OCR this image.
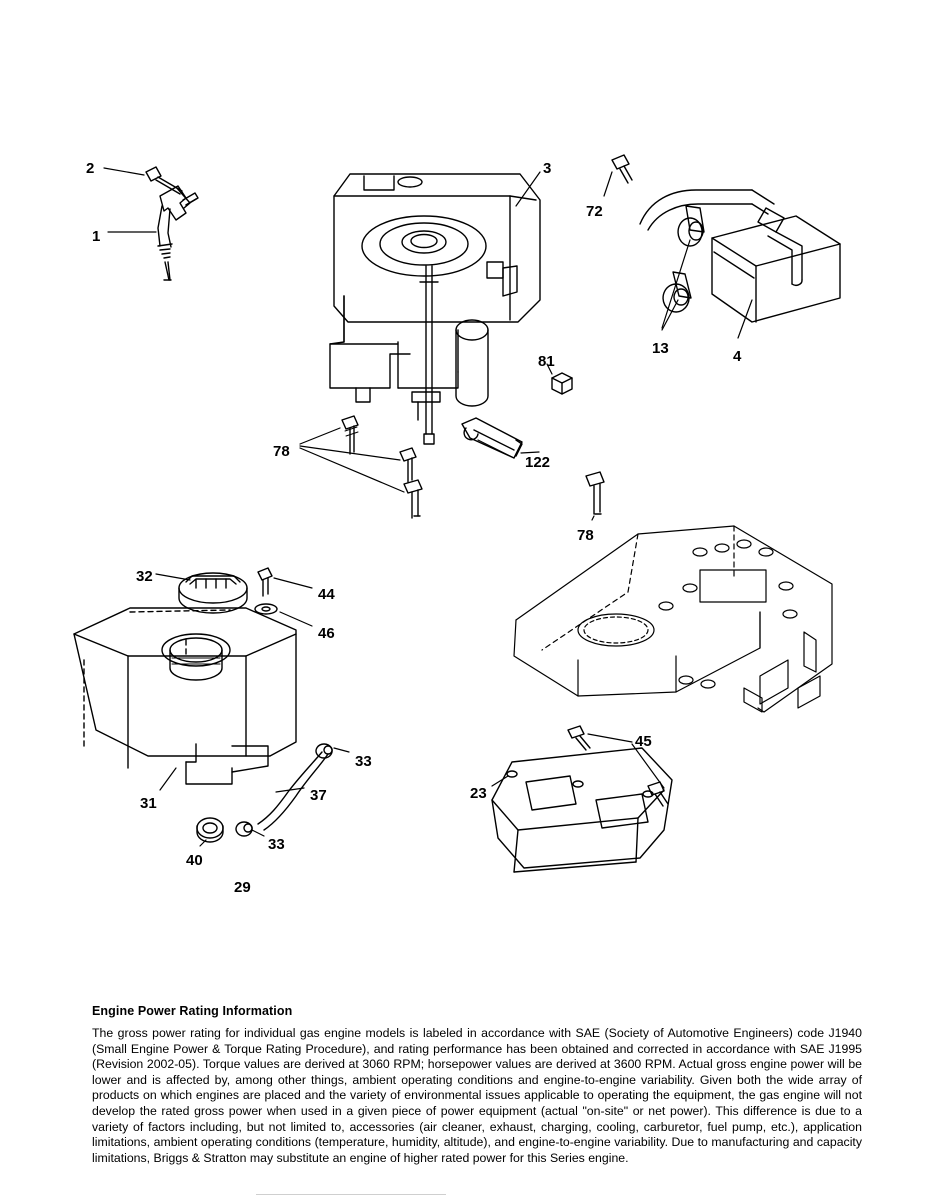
2
1
3
72
13	4
81
78
122
78
32
44
46
45
33
23
31	37
33
40
29

Engine Power Rating Information

The gross power rating for individual gas engine models is labeled in accordance with SAE (Society of Automotive Engineers) code J1940 (Small Engine Power & Torque Rating Procedure), and rating performance has been obtained and corrected in accordance with SAE J1995 (Revision 2002-05). Torque values are derived at 3060 RPM; horsepower values are derived at 3600 RPM. Actual gross engine power will be lower and is affected by, among other things, ambient operating conditions and engine-to-engine variability. Given both the wide array of products on which engines are placed and the variety of environmental issues applicable to operating the equipment, the gas engine will not develop the rated gross power when used in a given piece of power equipment (actual "on-site" or net power). This difference is due to a variety of factors including, but not limited to, accessories (air cleaner, exhaust, charging, cooling, carburetor, fuel pump, etc.), application limitations, ambient operating conditions (temperature, humidity, altitude), and engine-to-engine variability. Due to manufacturing and capacity limitations, Briggs & Stratton may substitute an engine of higher rated power for this Series engine.
